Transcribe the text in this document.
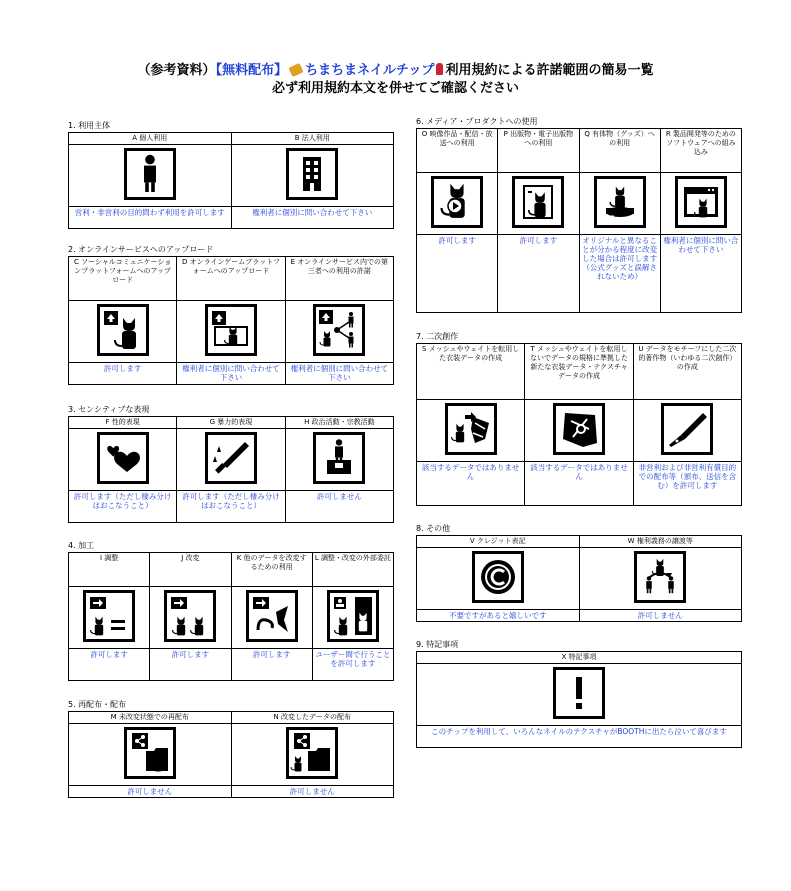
（参考資料）【無料配布】 ちまちまネイルチップ 利用規約による許諾範囲の簡易一覧
必ず利用規約本文を併せてご確認ください
1. 利用主体
A 個人利用	B 法人利用

営利・非営利の目的問わず利用を許可します	権利者に個別に問い合わせて下さい
2. オンラインサービスへのアップロード
C ソーシャルコミュニケーションプラットフォームへのアップロード	D オンラインゲームプラットフォームへのアップロード	E オンラインサービス内での第三者への利用の許諾

許可します	権利者に個別に問い合わせて下さい	権利者に個別に問い合わせて下さい
3. センシティブな表現
F 性的表現	G 暴力的表現	H 政治活動・宗教活動

許可します（ただし棲み分けはおこなうこと）	許可します（ただし棲み分けはおこなうこと）	許可しません
4. 加工
I 調整	J 改変	K 他のデータを改変するための利用	L 調整・改変の外部委託

許可します	許可します	許可します	ユーザー間で行うことを許可します
5. 再配布・配布
M 未改変状態での再配布	N 改変したデータの配布

許可しません	許可しません
6. メディア・プロダクトへの使用
O 映像作品・配信・放送への利用	P 出版物・電子出版物への利用	Q 有体物（グッズ）への利用	R 製品開発等のためのソフトウェアへの組み込み

許可します	許可します	オリジナルと異なることが分かる程度に改変した場合は許可します（公式グッズと誤解されないため）	権利者に個別に問い合わせて下さい
7. 二次創作
S メッシュやウェイトを転用した衣装データの作成	T メッシュやウェイトを転用しないでデータの規格に準拠した新たな衣装データ・テクスチャデータの作成	U データをモチーフにした二次的著作物（いわゆる二次創作）の作成

該当するデータではありません	該当するデータではありません	非営利および非営利有償目的での配布等（頒布、送信を含む）を許可します
8. その他
V クレジット表記	W 権利義務の譲渡等

不要ですがあると嬉しいです	許可しません
9. 特記事項
X 特記事項

このチップを利用して、いろんなネイルのテクスチャがBOOTHに出たら泣いて喜びます
